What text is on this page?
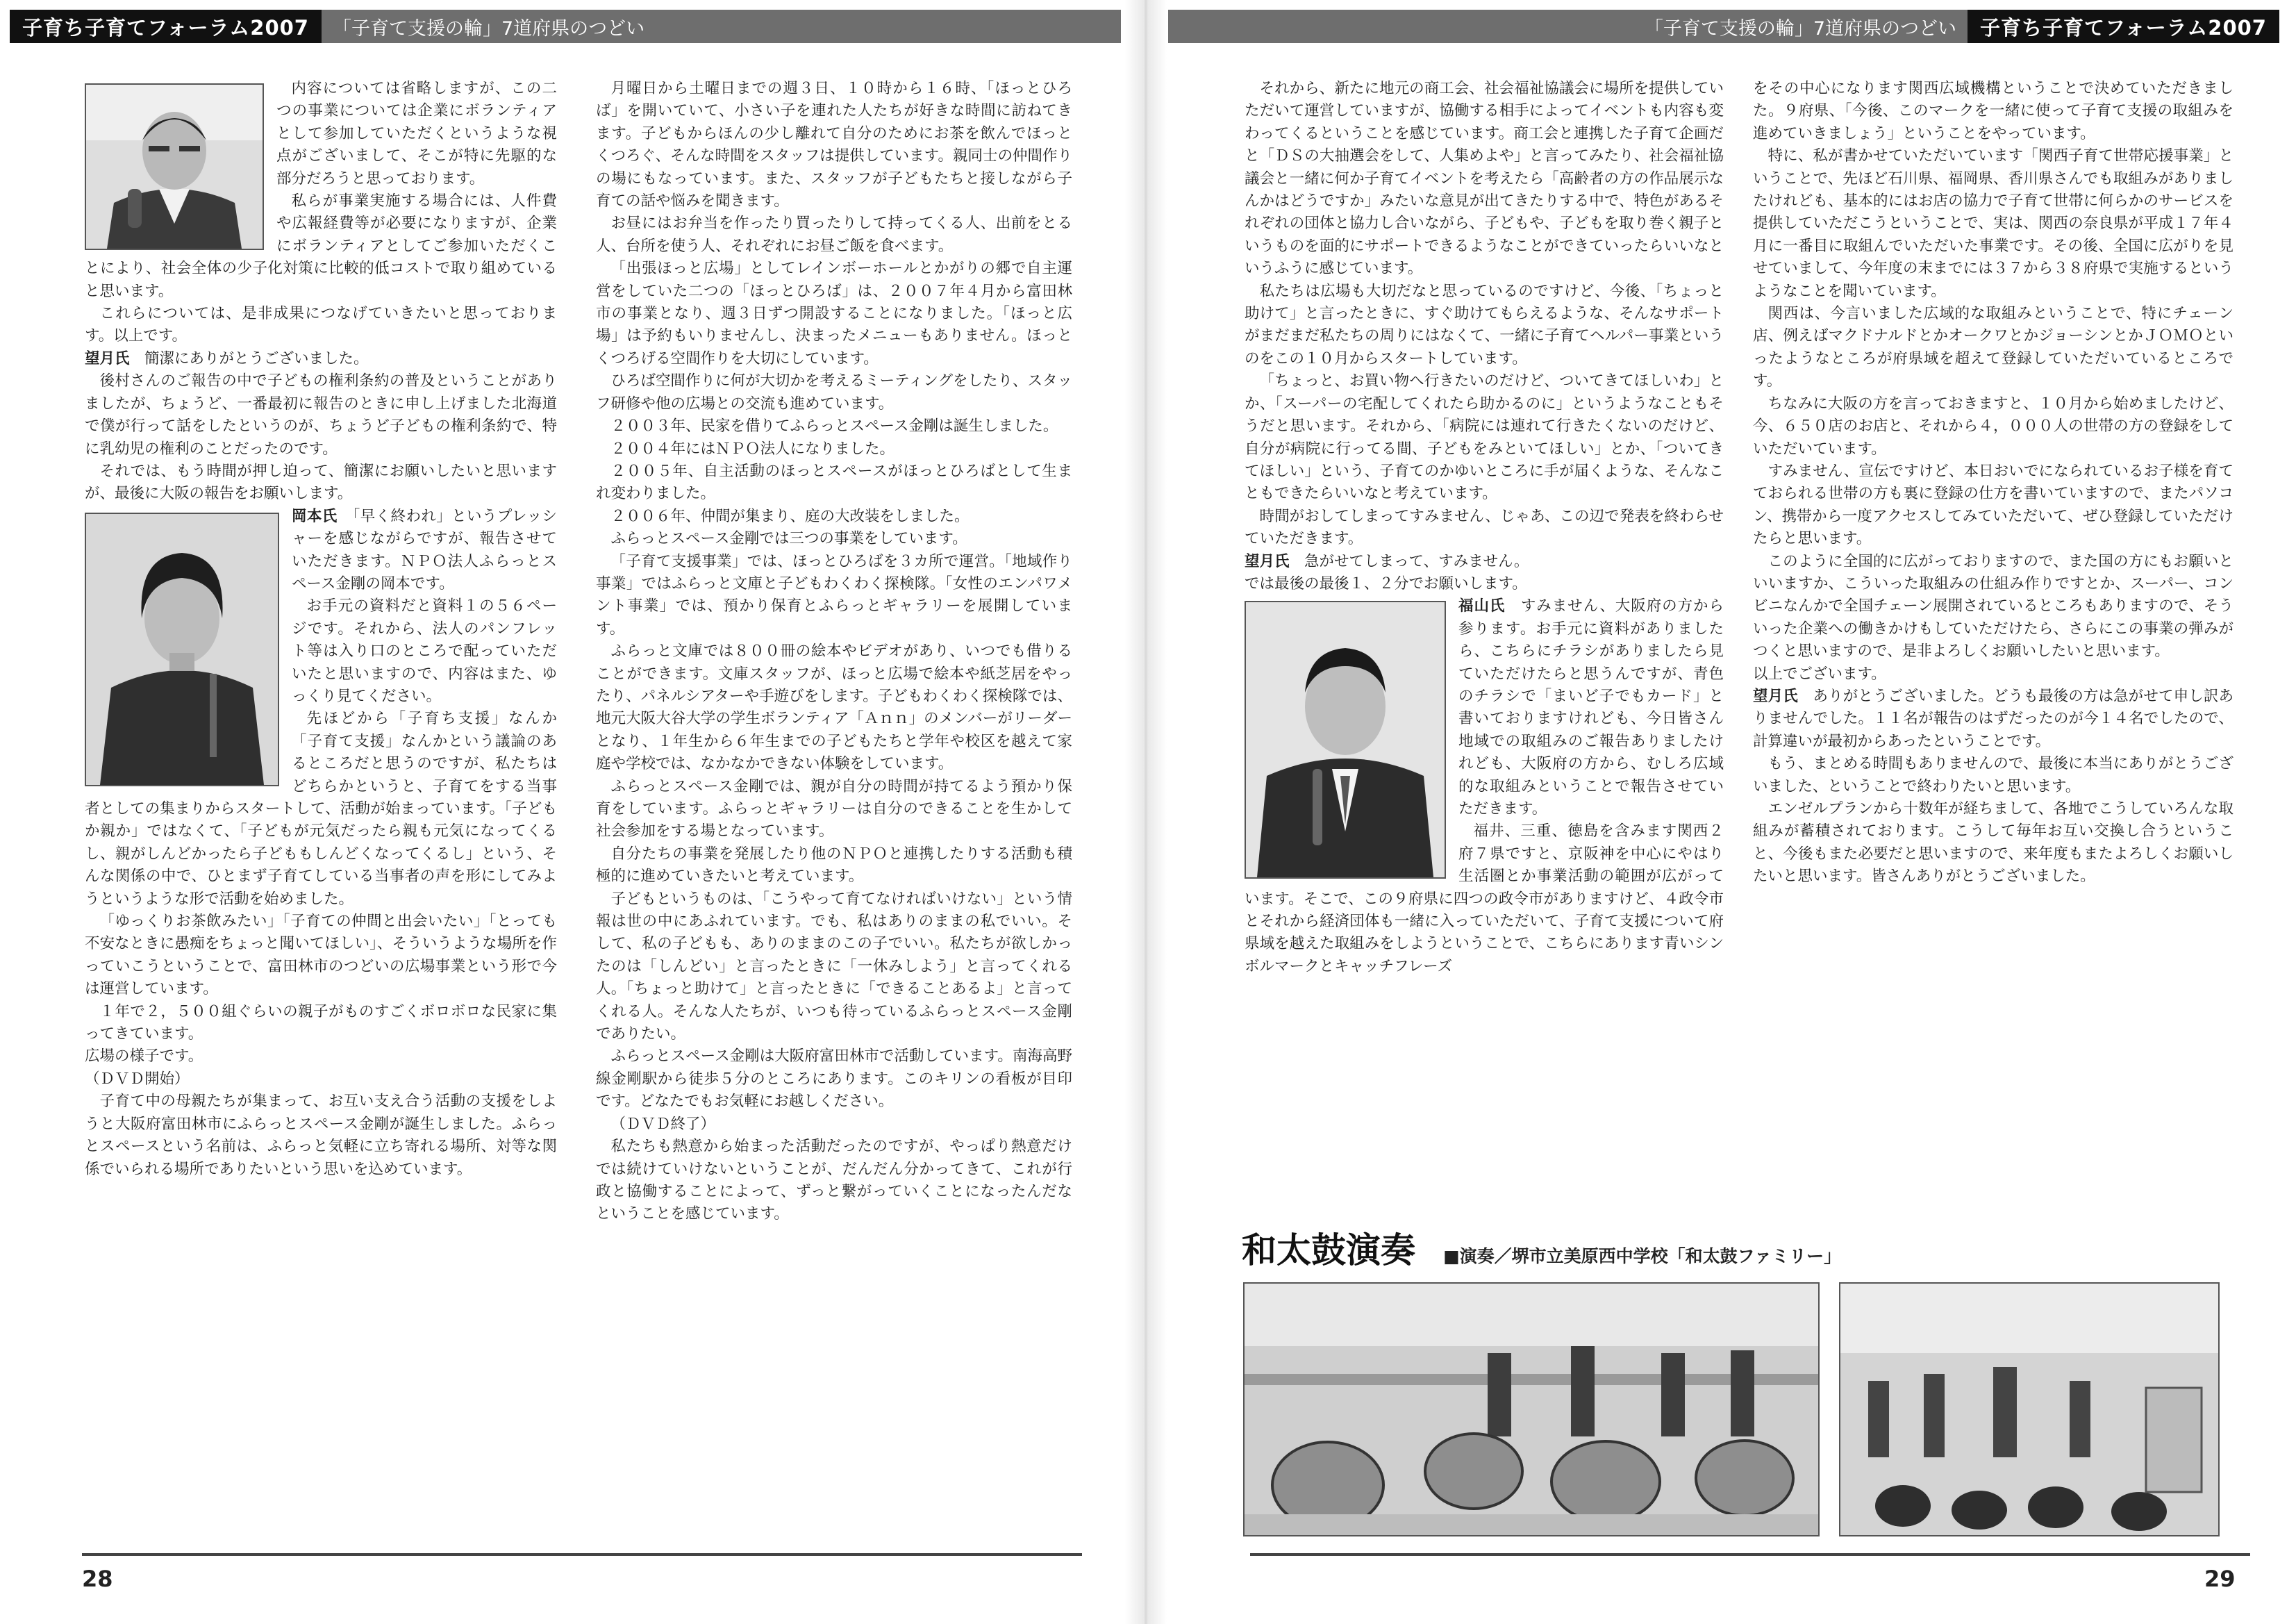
子育ち子育てフォーラム2007	「子育て支援の輪」7道府県のつどい

内容については省略しますが、この二つの事業については企業にボランティアとして参加していただくというような視点がございまして、そこが特に先駆的な部分だろうと思っております。

私らが事業実施する場合には、人件費や広報経費等が必要になりますが、企業にボランティアとしてご参加いただくことにより、社会全体の少子化対策に比較的低コストで取り組めていると思います。

これらについては、是非成果につなげていきたいと思っております。以上です。

望月氏　 簡潔にありがとうございました。

後村さんのご報告の中で子どもの権利条約の普及ということがありましたが、ちょうど、一番最初に報告のときに申し上げました北海道で僕が行って話をしたというのが、ちょうど子どもの権利条約で、特に乳幼児の権利のことだったのです。

それでは、もう時間が押し迫って、簡潔にお願いしたいと思いますが、最後に大阪の報告をお願いします。

岡本氏　 「早く終われ」というプレッシャーを感じながらですが、報告させていただきます。ＮＰＯ法人ふらっとスペース金剛の岡本です。

お手元の資料だと資料１の５６ページです。それから、法人のパンフレット等は入り口のところで配っていただいたと思いますので、内容はまた、ゆっくり見てください。

先ほどから「子育ち支援」なんか「子育て支援」なんかという議論のあるところだと思うのですが、私たちはどちらかというと、子育てをする当事者としての集まりからスタートして、活動が始まっています。「子どもか親か」ではなくて、「子どもが元気だったら親も元気になってくるし、親がしんどかったら子どももしんどくなってくるし」という、そんな関係の中で、ひとまず子育てしている当事者の声を形にしてみようというような形で活動を始めました。

「ゆっくりお茶飲みたい」「子育ての仲間と出会いたい」「とっても不安なときに愚痴をちょっと聞いてほしい」、そういうような場所を作っていこうということで、富田林市のつどいの広場事業という形で今は運営しています。

１年で２，５００組ぐらいの親子がものすごくボロボロな民家に集ってきています。

広場の様子です。

（ＤＶＤ開始）

子育て中の母親たちが集まって、お互い支え合う活動の支援をしようと大阪府富田林市にふらっとスペース金剛が誕生しました。ふらっとスペースという名前は、ふらっと気軽に立ち寄れる場所、対等な関係でいられる場所でありたいという思いを込めています。

月曜日から土曜日までの週３日、１０時から１６時、「ほっとひろば」を開いていて、小さい子を連れた人たちが好きな時間に訪ねてきます。子どもからほんの少し離れて自分のためにお茶を飲んでほっとくつろぐ、そんな時間をスタッフは提供しています。親同士の仲間作りの場にもなっています。また、スタッフが子どもたちと接しながら子育ての話や悩みを聞きます。

お昼にはお弁当を作ったり買ったりして持ってくる人、出前をとる人、台所を使う人、それぞれにお昼ご飯を食べます。

「出張ほっと広場」としてレインボーホールとかがりの郷で自主運営をしていた二つの「ほっとひろば」は、２００７年４月から富田林市の事業となり、週３日ずつ開設することになりました。「ほっと広場」は予約もいりませんし、決まったメニューもありません。ほっとくつろげる空間作りを大切にしています。

ひろば空間作りに何が大切かを考えるミーティングをしたり、スタッフ研修や他の広場との交流も進めています。

２００３年、民家を借りてふらっとスペース金剛は誕生しました。

２００４年にはＮＰＯ法人になりました。

２００５年、自主活動のほっとスペースがほっとひろばとして生まれ変わりました。

２００６年、仲間が集まり、庭の大改装をしました。

ふらっとスペース金剛では三つの事業をしています。

「子育て支援事業」では、ほっとひろばを３カ所で運営。「地域作り事業」ではふらっと文庫と子どもわくわく探検隊。「女性のエンパワメント事業」では、預かり保育とふらっとギャラリーを展開しています。

ふらっと文庫では８００冊の絵本やビデオがあり、いつでも借りることができます。文庫スタッフが、ほっと広場で絵本や紙芝居をやったり、パネルシアターや手遊びをします。子どもわくわく探検隊では、地元大阪大谷大学の学生ボランティア「Ａｎｎ」のメンバーがリーダーとなり、１年生から６年生までの子どもたちと学年や校区を越えて家庭や学校では、なかなかできない体験をしています。

ふらっとスペース金剛では、親が自分の時間が持てるよう預かり保育をしています。ふらっとギャラリーは自分のできることを生かして社会参加をする場となっています。

自分たちの事業を発展したり他のＮＰＯと連携したりする活動も積極的に進めていきたいと考えています。

子どもというものは、「こうやって育てなければいけない」という情報は世の中にあふれています。でも、私はありのままの私でいい。そして、私の子どもも、ありのままのこの子でいい。私たちが欲しかったのは「しんどい」と言ったときに「一休みしよう」と言ってくれる人。「ちょっと助けて」と言ったときに「できることあるよ」と言ってくれる人。そんな人たちが、いつも待っているふらっとスペース金剛でありたい。

ふらっとスペース金剛は大阪府富田林市で活動しています。南海高野線金剛駅から徒歩５分のところにあります。このキリンの看板が目印です。どなたでもお気軽にお越しください。

（ＤＶＤ終了）

私たちも熱意から始まった活動だったのですが、やっぱり熱意だけでは続けていけないということが、だんだん分かってきて、これが行政と協働することによって、ずっと繋がっていくことになったんだなということを感じています。

28
「子育て支援の輪」7道府県のつどい	子育ち子育てフォーラム2007

それから、新たに地元の商工会、社会福祉協議会に場所を提供していただいて運営していますが、協働する相手によってイベントも内容も変わってくるということを感じています。商工会と連携した子育て企画だと「ＤＳの大抽選会をして、人集めよや」と言ってみたり、社会福祉協議会と一緒に何か子育てイベントを考えたら「高齢者の方の作品展示なんかはどうですか」みたいな意見が出てきたりする中で、特色があるそれぞれの団体と協力し合いながら、子どもや、子どもを取り巻く親子というものを面的にサポートできるようなことができていったらいいなというふうに感じています。

私たちは広場も大切だなと思っているのですけど、今後、「ちょっと助けて」と言ったときに、すぐ助けてもらえるような、そんなサポートがまだまだ私たちの周りにはなくて、一緒に子育てヘルパー事業というのをこの１０月からスタートしています。

「ちょっと、お買い物へ行きたいのだけど、ついてきてほしいわ」とか、「スーパーの宅配してくれたら助かるのに」というようなこともそうだと思います。それから、「病院には連れて行きたくないのだけど、自分が病院に行ってる間、子どもをみといてほしい」とか、「ついてきてほしい」という、子育てのかゆいところに手が届くような、そんなこともできたらいいなと考えています。

時間がおしてしまってすみません、じゃあ、この辺で発表を終わらせていただきます。

望月氏　 急がせてしまって、すみません。

では最後の最後１、２分でお願いします。

福山氏　 すみません、大阪府の方から参ります。お手元に資料がありましたら、こちらにチラシがありましたら見ていただけたらと思うんですが、青色のチラシで「まいど子でもカード」と書いておりますけれども、今日皆さん地域での取組みのご報告ありましたけれども、大阪府の方から、むしろ広域的な取組みということで報告させていただきます。

福井、三重、徳島を含みます関西２府７県ですと、京阪神を中心にやはり生活圏とか事業活動の範囲が広がっています。そこで、この９府県に四つの政令市がありますけど、４政令市とそれから経済団体も一緒に入っていただいて、子育て支援について府県域を越えた取組みをしようということで、こちらにあります青いシンボルマークとキャッチフレーズ

をその中心になります関西広域機構ということで決めていただきました。９府県、「今後、このマークを一緒に使って子育て支援の取組みを進めていきましょう」ということをやっています。

特に、私が書かせていただいています「関西子育て世帯応援事業」ということで、先ほど石川県、福岡県、香川県さんでも取組みがありましたけれども、基本的にはお店の協力で子育て世帯に何らかのサービスを提供していただこうということで、実は、関西の奈良県が平成１７年４月に一番目に取組んでいただいた事業です。その後、全国に広がりを見せていまして、今年度の末までには３７から３８府県で実施するというようなことを聞いています。

関西は、今言いました広域的な取組みということで、特にチェーン店、例えばマクドナルドとかオークワとかジョーシンとかＪＯＭＯといったようなところが府県域を超えて登録していただいているところです。

ちなみに大阪の方を言っておきますと、１０月から始めましたけど、今、６５０店のお店と、それから４，０００人の世帯の方の登録をしていただいています。

すみません、宣伝ですけど、本日おいでになられているお子様を育てておられる世帯の方も裏に登録の仕方を書いていますので、またパソコン、携帯から一度アクセスしてみていただいて、ぜひ登録していただけたらと思います。

このように全国的に広がっておりますので、また国の方にもお願いといいますか、こういった取組みの仕組み作りですとか、スーパー、コンビニなんかで全国チェーン展開されているところもありますので、そういった企業への働きかけもしていただけたら、さらにこの事業の弾みがつくと思いますので、是非よろしくお願いしたいと思います。

以上でございます。

望月氏　 ありがとうございました。どうも最後の方は急がせて申し訳ありませんでした。１１名が報告のはずだったのが今１４名でしたので、計算違いが最初からあったということです。

もう、まとめる時間もありませんので、最後に本当にありがとうございました、ということで終わりたいと思います。

エンゼルプランから十数年が経ちまして、各地でこうしていろんな取組みが蓄積されております。こうして毎年お互い交換し合うということ、今後もまた必要だと思いますので、来年度もまたよろしくお願いしたいと思います。皆さんありがとうございました。

和太鼓演奏 ■演奏／堺市立美原西中学校「和太鼓ファミリー」
29
